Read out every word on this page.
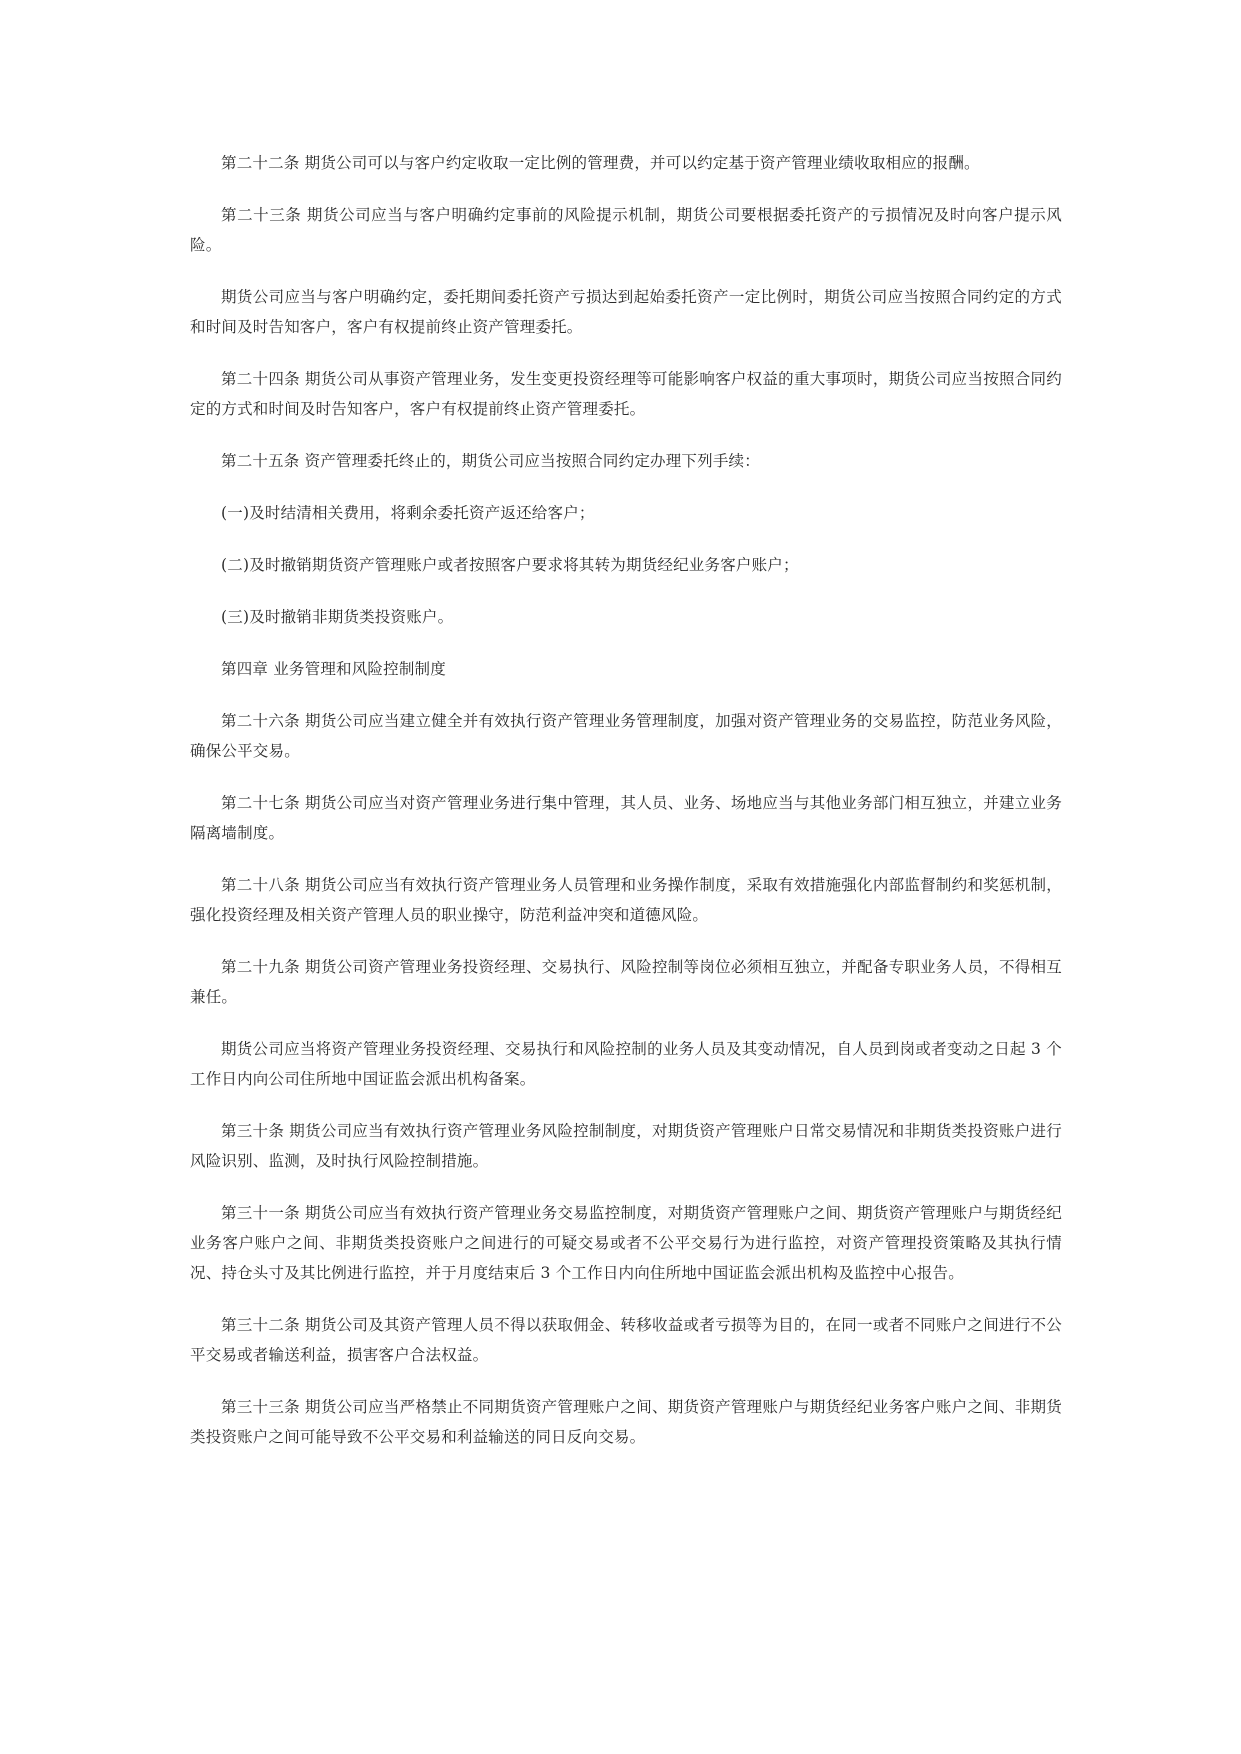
第二十二条 期货公司可以与客户约定收取一定比例的管理费，并可以约定基于资产管理业绩收取相应的报酬。

第二十三条 期货公司应当与客户明确约定事前的风险提示机制，期货公司要根据委托资产的亏损情况及时向客户提示风险。

期货公司应当与客户明确约定，委托期间委托资产亏损达到起始委托资产一定比例时，期货公司应当按照合同约定的方式和时间及时告知客户，客户有权提前终止资产管理委托。

第二十四条 期货公司从事资产管理业务，发生变更投资经理等可能影响客户权益的重大事项时，期货公司应当按照合同约定的方式和时间及时告知客户，客户有权提前终止资产管理委托。

第二十五条 资产管理委托终止的，期货公司应当按照合同约定办理下列手续：

(一)及时结清相关费用，将剩余委托资产返还给客户；

(二)及时撤销期货资产管理账户或者按照客户要求将其转为期货经纪业务客户账户；

(三)及时撤销非期货类投资账户。

第四章 业务管理和风险控制制度

第二十六条 期货公司应当建立健全并有效执行资产管理业务管理制度，加强对资产管理业务的交易监控，防范业务风险，确保公平交易。

第二十七条 期货公司应当对资产管理业务进行集中管理，其人员、业务、场地应当与其他业务部门相互独立，并建立业务隔离墙制度。

第二十八条 期货公司应当有效执行资产管理业务人员管理和业务操作制度，采取有效措施强化内部监督制约和奖惩机制，强化投资经理及相关资产管理人员的职业操守，防范利益冲突和道德风险。

第二十九条 期货公司资产管理业务投资经理、交易执行、风险控制等岗位必须相互独立，并配备专职业务人员，不得相互兼任。

期货公司应当将资产管理业务投资经理、交易执行和风险控制的业务人员及其变动情况，自人员到岗或者变动之日起 3 个工作日内向公司住所地中国证监会派出机构备案。

第三十条 期货公司应当有效执行资产管理业务风险控制制度，对期货资产管理账户日常交易情况和非期货类投资账户进行风险识别、监测，及时执行风险控制措施。

第三十一条 期货公司应当有效执行资产管理业务交易监控制度，对期货资产管理账户之间、期货资产管理账户与期货经纪业务客户账户之间、非期货类投资账户之间进行的可疑交易或者不公平交易行为进行监控，对资产管理投资策略及其执行情况、持仓头寸及其比例进行监控，并于月度结束后 3 个工作日内向住所地中国证监会派出机构及监控中心报告。

第三十二条 期货公司及其资产管理人员不得以获取佣金、转移收益或者亏损等为目的，在同一或者不同账户之间进行不公平交易或者输送利益，损害客户合法权益。

第三十三条 期货公司应当严格禁止不同期货资产管理账户之间、期货资产管理账户与期货经纪业务客户账户之间、非期货类投资账户之间可能导致不公平交易和利益输送的同日反向交易。
